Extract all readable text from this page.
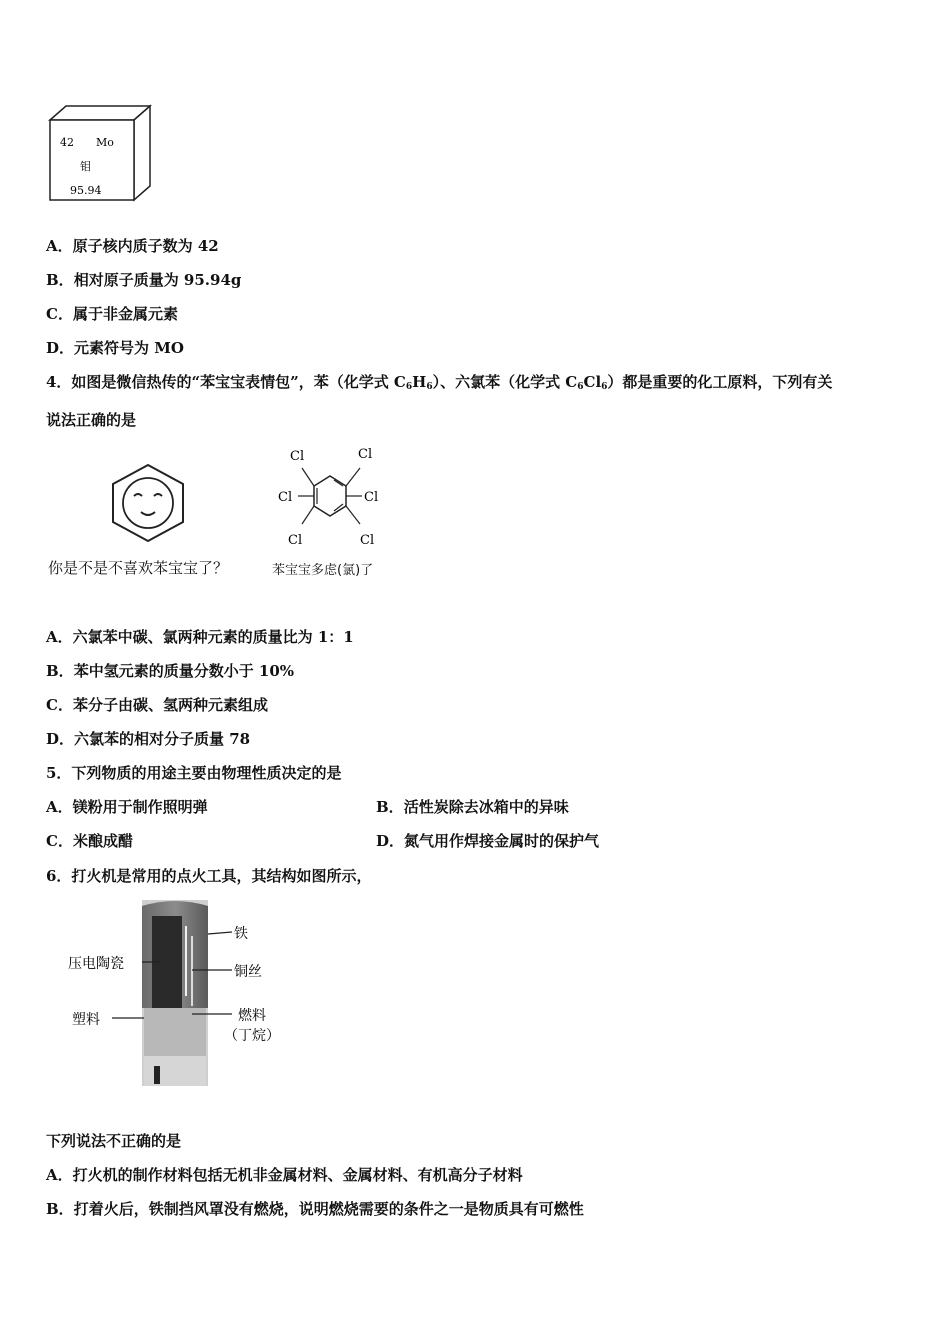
42 Mo
钼
95.94
A．原子核内质子数为 42
B．相对原子质量为 95.94g
C．属于非金属元素
D．元素符号为 MO
4．如图是微信热传的“苯宝宝表情包”，苯（化学式 $C_6H_6$）、六氯苯（化学式 $C_6Cl_6$）都是重要的化工原料，下列有关
说法正确的是
Cl	Cl
Cl	Cl
Cl	Cl
你是不是不喜欢苯宝宝了？	苯宝宝多虑(氯)了
A．六氯苯中碳、氯两种元素的质量比为 1：1
B．苯中氢元素的质量分数小于 10%
C．苯分子由碳、氢两种元素组成
D．六氯苯的相对分子质量 78
5．下列物质的用途主要由物理性质决定的是
A．镁粉用于制作照明弹	B．活性炭除去冰箱中的异味
C．米酿成醋	D．氮气用作焊接金属时的保护气
6．打火机是常用的点火工具，其结构如图所示，
铁
压电陶瓷	铜丝
塑料	燃料
（丁烷）
下列说法不正确的是
A．打火机的制作材料包括无机非金属材料、金属材料、有机高分子材料
B．打着火后，铁制挡风罩没有燃烧，说明燃烧需要的条件之一是物质具有可燃性
